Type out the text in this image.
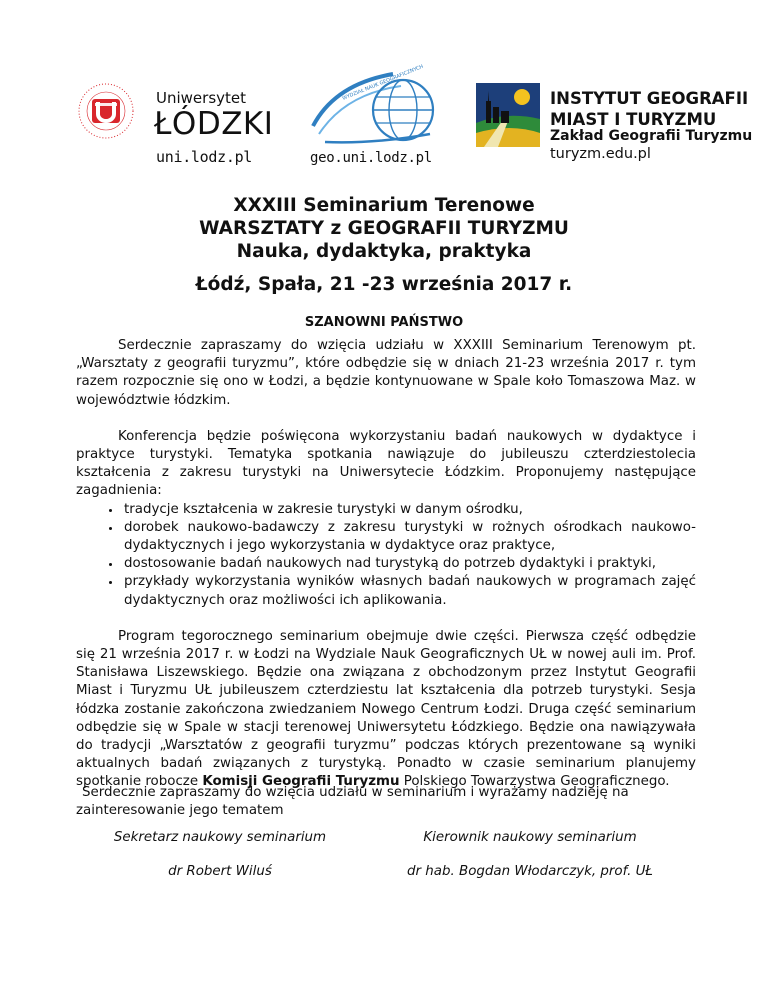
Uniwersytet
ŁÓDZKI
uni.lodz.pl
WYDZIAŁ NAUK GEOGRAFICZNYCH
geo.uni.lodz.pl
INSTYTUT GEOGRAFII
MIAST I TURYZMU
Zakład Geografii Turyzmu
turyzm.edu.pl
XXXIII Seminarium Terenowe
WARSZTATY z GEOGRAFII TURYZMU
Nauka, dydaktyka, praktyka
Łódź, Spała, 21 -23 września 2017 r.
SZANOWNI PAŃSTWO

Serdecznie zapraszamy do wzięcia udziału w XXXIII Seminarium Terenowym pt. „Warsztaty z geografii turyzmu”, które odbędzie się w dniach 21-23 września 2017 r. tym razem rozpocznie się ono w Łodzi, a będzie kontynuowane w Spale koło Tomaszowa Maz. w województwie łódzkim.

Konferencja będzie poświęcona wykorzystaniu badań naukowych w dydaktyce i praktyce turystyki. Tematyka spotkania nawiązuje do jubileuszu czterdziestolecia kształcenia z zakresu turystyki na Uniwersytecie Łódzkim. Proponujemy następujące zagadnienia:

• tradycje kształcenia w zakresie turystyki w danym ośrodku,
• dorobek naukowo-badawczy z zakresu turystyki w rożnych ośrodkach naukowo-dydaktycznych i jego wykorzystania w dydaktyce oraz praktyce,
• dostosowanie badań naukowych nad turystyką do potrzeb dydaktyki i praktyki,
• przykłady wykorzystania wyników własnych badań naukowych w programach zajęć dydaktycznych oraz możliwości ich aplikowania.

Program tegorocznego seminarium obejmuje dwie części. Pierwsza część odbędzie się 21 września 2017 r. w Łodzi na Wydziale Nauk Geograficznych UŁ w nowej auli im. Prof. Stanisława Liszewskiego. Będzie ona związana z obchodzonym przez Instytut Geografii Miast i Turyzmu UŁ jubileuszem czterdziestu lat kształcenia dla potrzeb turystyki. Sesja łódzka zostanie zakończona zwiedzaniem Nowego Centrum Łodzi. Druga część seminarium odbędzie się w Spale w stacji terenowej Uniwersytetu Łódzkiego. Będzie ona nawiązywała do tradycji „Warsztatów z geografii turyzmu” podczas których prezentowane są wyniki aktualnych badań związanych z turystyką. Ponadto w czasie seminarium planujemy spotkanie robocze Komisji Geografii Turyzmu Polskiego Towarzystwa Geograficznego.

Serdecznie zapraszamy do wzięcia udziału w seminarium i wyrażamy nadzieję na zainteresowanie jego tematem
Sekretarz naukowy seminarium
dr Robert Wiluś
Kierownik naukowy seminarium
dr hab. Bogdan Włodarczyk, prof. UŁ
